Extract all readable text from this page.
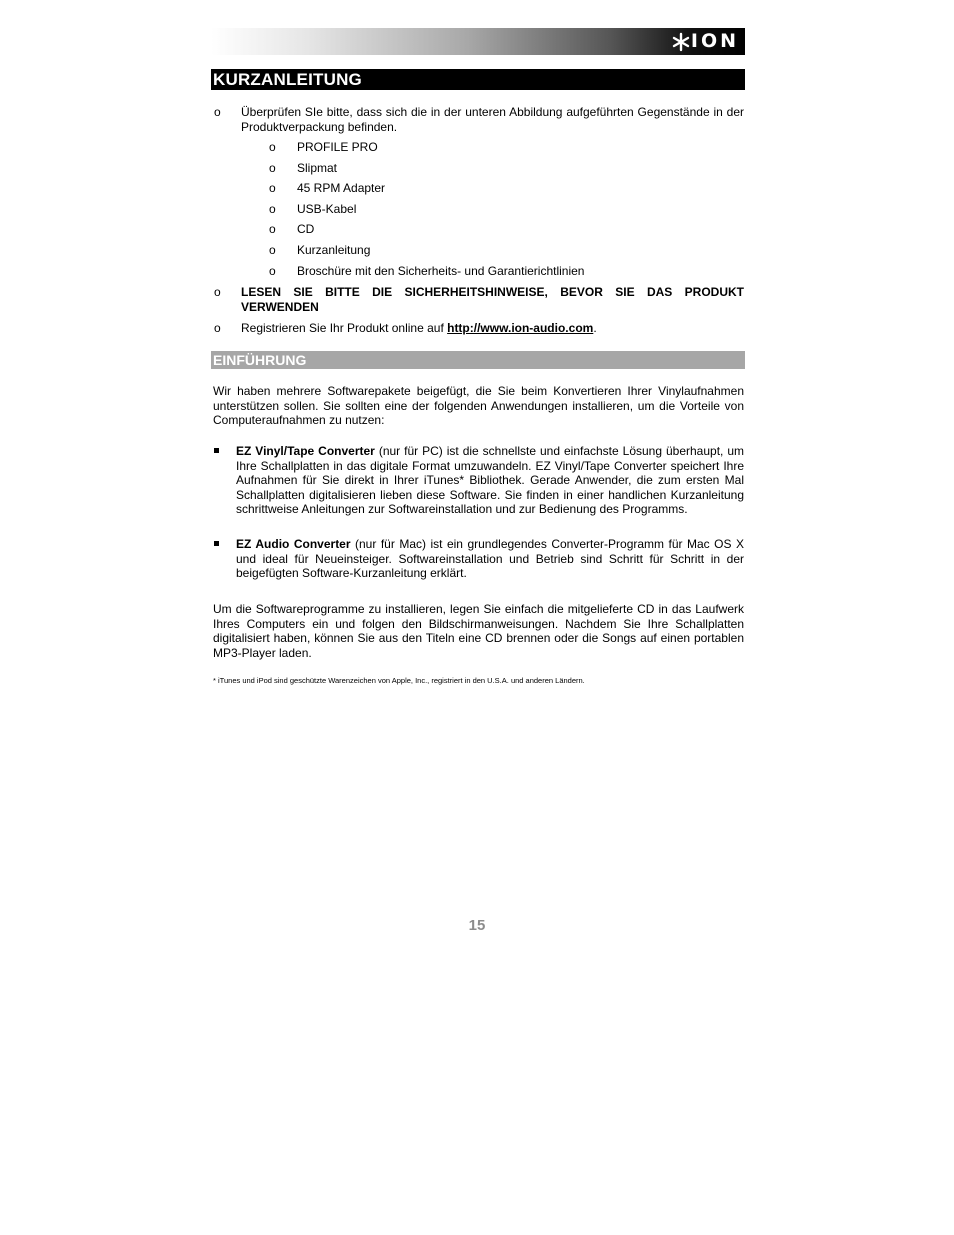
ION
KURZANLEITUNG
o Überprüfen SIe bitte, dass sich die in der unteren Abbildung aufgeführten Gegenstände in der Produktverpackung befinden.
o PROFILE PRO
o Slipmat
o 45 RPM Adapter
o USB-Kabel
o CD
o Kurzanleitung
o Broschüre mit den Sicherheits- und Garantierichtlinien
o LESEN SIE BITTE DIE SICHERHEITSHINWEISE, BEVOR SIE DAS PRODUKT VERWENDEN
o Registrieren Sie Ihr Produkt online auf http://www.ion-audio.com.
EINFÜHRUNG
Wir haben mehrere Softwarepakete beigefügt, die Sie beim Konvertieren Ihrer Vinylaufnahmen unterstützen sollen. Sie sollten eine der folgenden Anwendungen installieren, um die Vorteile von Computeraufnahmen zu nutzen:
EZ Vinyl/Tape Converter (nur für PC) ist die schnellste und einfachste Lösung überhaupt, um Ihre Schallplatten in das digitale Format umzuwandeln. EZ Vinyl/Tape Converter speichert Ihre Aufnahmen für Sie direkt in Ihrer iTunes* Bibliothek. Gerade Anwender, die zum ersten Mal Schallplatten digitalisieren lieben diese Software. Sie finden in einer handlichen Kurzanleitung schrittweise Anleitungen zur Softwareinstallation und zur Bedienung des Programms.
EZ Audio Converter (nur für Mac) ist ein grundlegendes Converter-Programm für Mac OS X und ideal für Neueinsteiger. Softwareinstallation und Betrieb sind Schritt für Schritt in der beigefügten Software-Kurzanleitung erklärt.
Um die Softwareprogramme zu installieren, legen Sie einfach die mitgelieferte CD in das Laufwerk Ihres Computers ein und folgen den Bildschirmanweisungen. Nachdem Sie Ihre Schallplatten digitalisiert haben, können Sie aus den Titeln eine CD brennen oder die Songs auf einen portablen MP3-Player laden.
* iTunes und iPod sind geschützte Warenzeichen von Apple, Inc., registriert in den U.S.A. und anderen Ländern.
15
